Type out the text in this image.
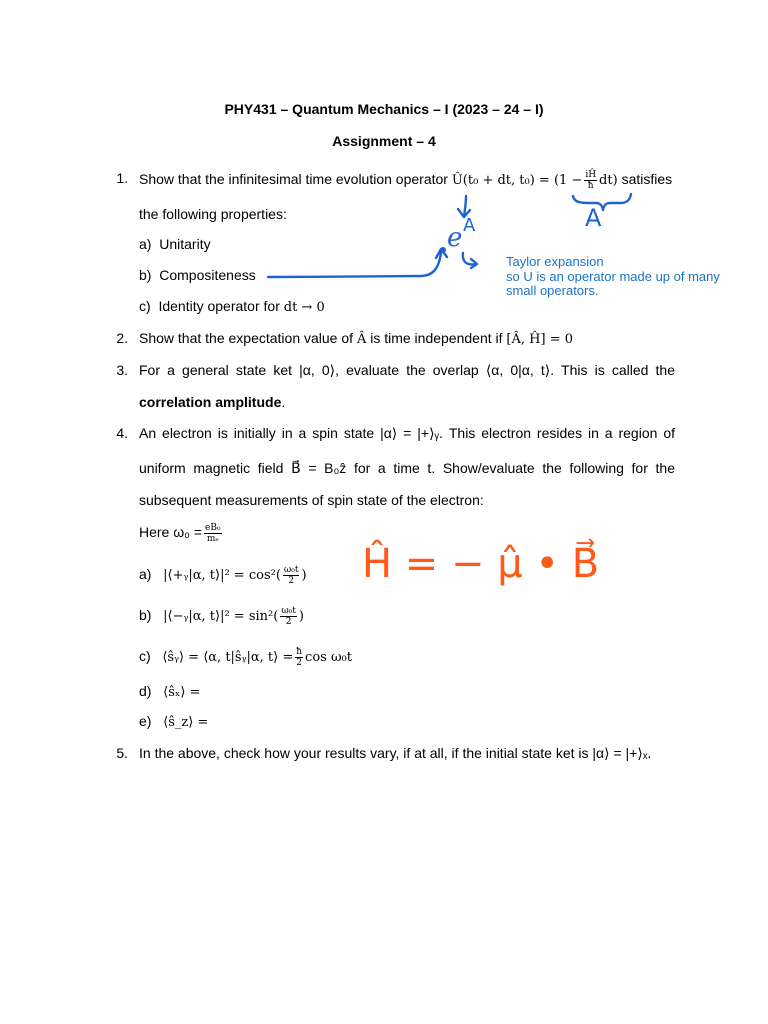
PHY431 – Quantum Mechanics – I (2023 – 24 – I)
Assignment – 4
1. Show that the infinitesimal time evolution operator Û(t₀ + dt, $t_0) = (1 - \frac{iĤ}{ħ} dt)$ satisfies
the following properties:
a) Unitarity
b) Compositeness
c) Identity operator for dt → 0
2. Show that the expectation value of Â is time independent if [Â, Ĥ] = 0
3. For a general state ket |α, 0⟩, evaluate the overlap ⟨α, 0|α, t⟩. This is called the
correlation amplitude.
4. An electron is initially in a spin state |α⟩ = |+⟩ᵧ. This electron resides in a region of
uniform magnetic field B⃗ = B₀ẑ for a time t. Show/evaluate the following for the
subsequent measurements of spin state of the electron:
Here $\omega_0 = \frac{\text{eB₀}}{\text{mₑ}}$
a) |⟨+ᵧ|α, t⟩|² = $\cos^2( \frac{\text{ω₀t}}{2}$ )
b) |⟨−ᵧ|α, t⟩|² = $\sin^2( \frac{\text{ω₀t}}{2}$ )
c) ⟨ŝᵧ⟩ = ⟨α, t|ŝᵧ|α, t⟩ = $\frac{ħ}{2}$ cos ω₀t
d) ⟨ŝₓ⟩ =
e) ⟨ŝ_z⟩ =
5. In the above, check how your results vary, if at all, if the initial state ket is |α⟩ = |+⟩ₓ.
Taylor expansion
so U is an operator made up of many
small operators.
A
e A
Ĥ = − μ̂ • B⃗
